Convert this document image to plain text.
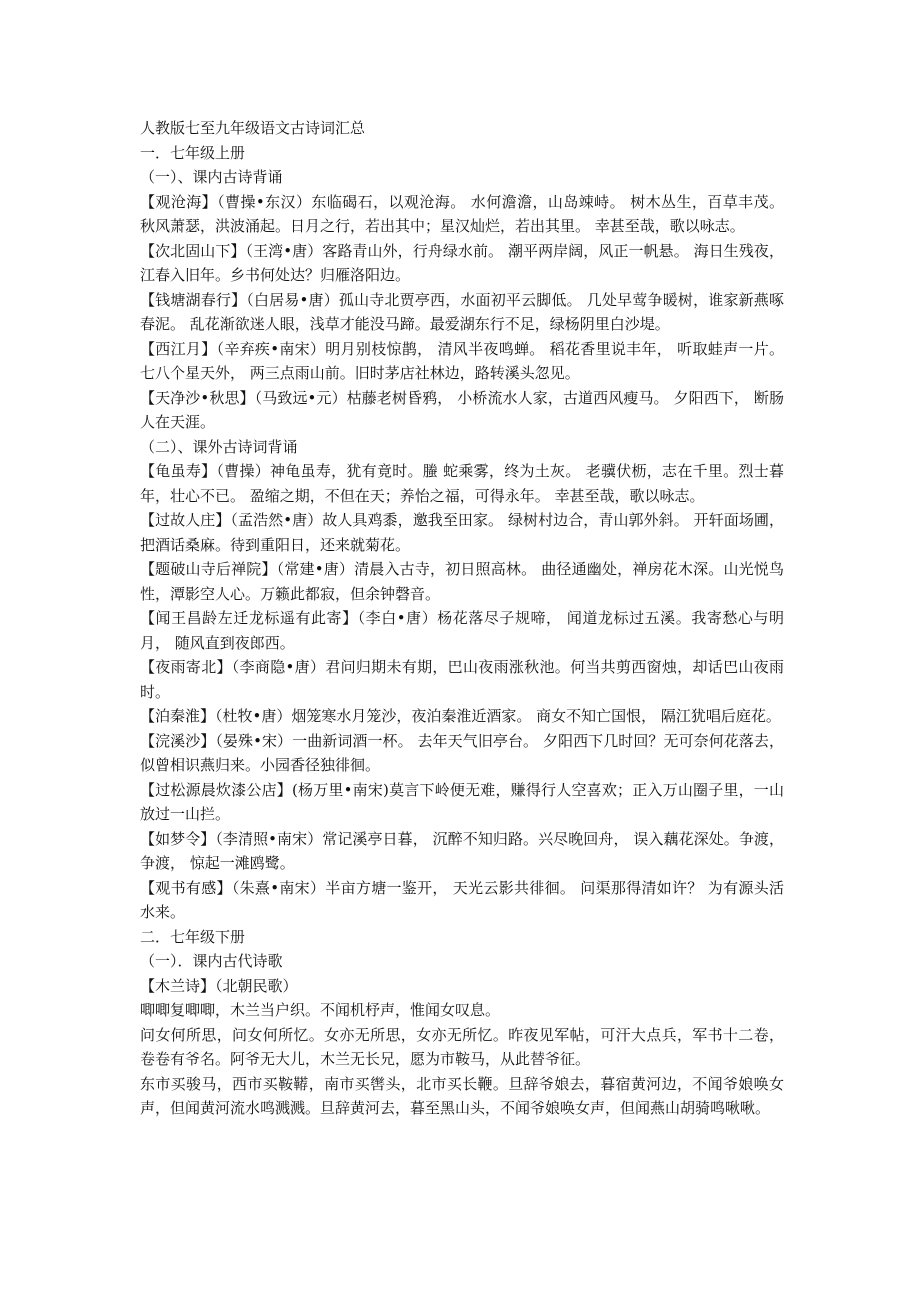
人教版七至九年级语文古诗词汇总

一．七年级上册

（一）、课内古诗背诵

【观沧海】（曹操•东汉）东临碣石，以观沧海。 水何澹澹，山岛竦峙。 树木丛生，百草丰茂。 秋风萧瑟，洪波涌起。日月之行，若出其中；星汉灿烂，若出其里。 幸甚至哉，歌以咏志。

【次北固山下】（王湾•唐）客路青山外，行舟绿水前。 潮平两岸阔，风正一帆悬。 海日生残夜，江春入旧年。乡书何处达？归雁洛阳边。

【钱塘湖春行】（白居易•唐）孤山寺北贾亭西，水面初平云脚低。 几处早莺争暖树，谁家新燕啄春泥。 乱花渐欲迷人眼，浅草才能没马蹄。最爱湖东行不足，绿杨阴里白沙堤。

【西江月】（辛弃疾•南宋）明月别枝惊鹊， 清风半夜鸣蝉。 稻花香里说丰年， 听取蛙声一片。 七八个星天外， 两三点雨山前。旧时茅店社林边，路转溪头忽见。

【天净沙•秋思】（马致远•元）枯藤老树昏鸦， 小桥流水人家，古道西风瘦马。 夕阳西下， 断肠人在天涯。

（二）、课外古诗词背诵

【龟虽寿】（曹操）神龟虽寿，犹有竟时。螣 蛇乘雾，终为土灰。 老骥伏枥，志在千里。烈士暮年，壮心不已。 盈缩之期，不但在天；养怡之福，可得永年。 幸甚至哉，歌以咏志。

【过故人庄】（孟浩然•唐）故人具鸡黍，邀我至田家。 绿树村边合，青山郭外斜。 开轩面场圃，把酒话桑麻。待到重阳日，还来就菊花。

【题破山寺后禅院】（常建•唐）清晨入古寺，初日照高林。 曲径通幽处，禅房花木深。山光悦鸟性，潭影空人心。万籁此都寂，但余钟磬音。

【闻王昌龄左迁龙标遥有此寄】（李白•唐）杨花落尽子规啼， 闻道龙标过五溪。我寄愁心与明月， 随风直到夜郎西。

【夜雨寄北】（李商隐•唐）君问归期未有期，巴山夜雨涨秋池。何当共剪西窗烛，却话巴山夜雨时。

【泊秦淮】（杜牧•唐）烟笼寒水月笼沙，夜泊秦淮近酒家。 商女不知亡国恨， 隔江犹唱后庭花。

【浣溪沙】（晏殊•宋）一曲新词酒一杯。 去年天气旧亭台。 夕阳西下几时回？无可奈何花落去，似曾相识燕归来。小园香径独徘徊。

【过松源晨炊漆公店】(杨万里•南宋)莫言下岭便无难，赚得行人空喜欢；正入万山圈子里，一山放过一山拦。

【如梦令】（李清照•南宋）常记溪亭日暮， 沉醉不知归路。兴尽晚回舟， 误入藕花深处。争渡，争渡， 惊起一滩鸥鹭。

【观书有感】（朱熹•南宋）半亩方塘一鉴开， 天光云影共徘徊。 问渠那得清如许？ 为有源头活水来。

二．七年级下册

（一）．课内古代诗歌

【木兰诗】（北朝民歌）

唧唧复唧唧，木兰当户织。不闻机杼声，惟闻女叹息。

问女何所思，问女何所忆。女亦无所思，女亦无所忆。昨夜见军帖，可汗大点兵，军书十二卷，卷卷有爷名。阿爷无大儿，木兰无长兄，愿为市鞍马，从此替爷征。

东市买骏马，西市买鞍鞯，南市买辔头，北市买长鞭。旦辞爷娘去，暮宿黄河边，不闻爷娘唤女声，但闻黄河流水鸣溅溅。旦辞黄河去，暮至黑山头，不闻爷娘唤女声，但闻燕山胡骑鸣啾啾。
